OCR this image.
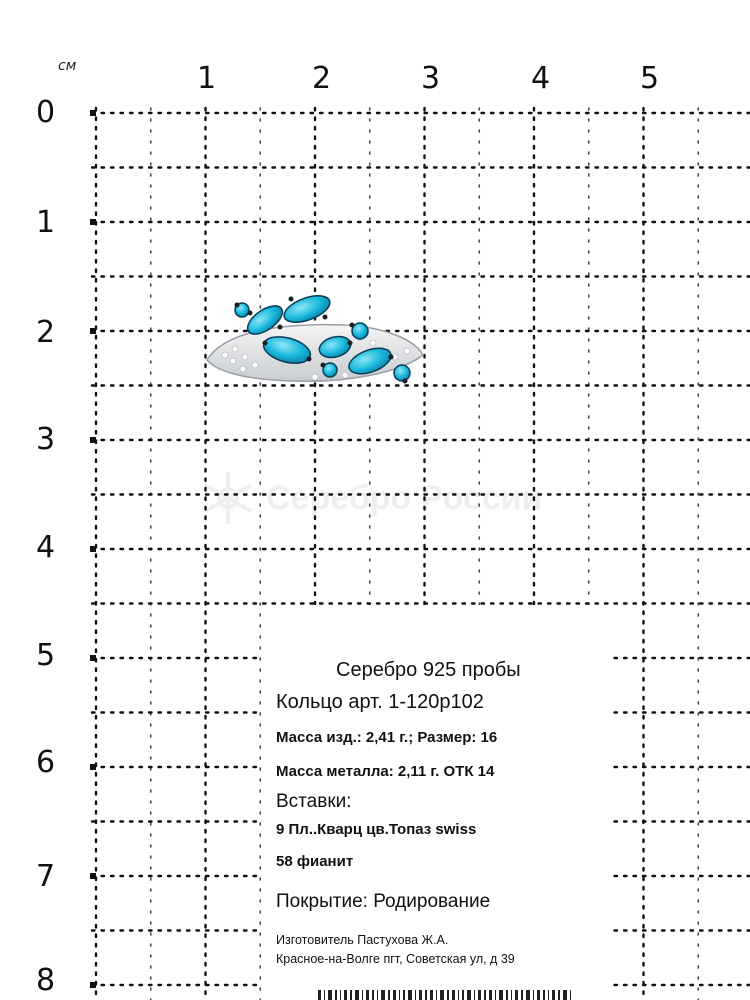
см	1	2	3	4	5
0
1
2
3
4
5
6
7
8
Серебро России
Серебро 925 пробы
Кольцо арт. 1-120р102
Масса изд.: 2,41 г.; Размер: 16
Масса металла: 2,11 г. ОТК 14
Вставки:
9 Пл..Кварц цв.Топаз swiss
58 фианит
Покрытие: Родирование
Изготовитель Пастухова Ж.А.
Красное-на-Волге пгт, Советская ул, д 39
